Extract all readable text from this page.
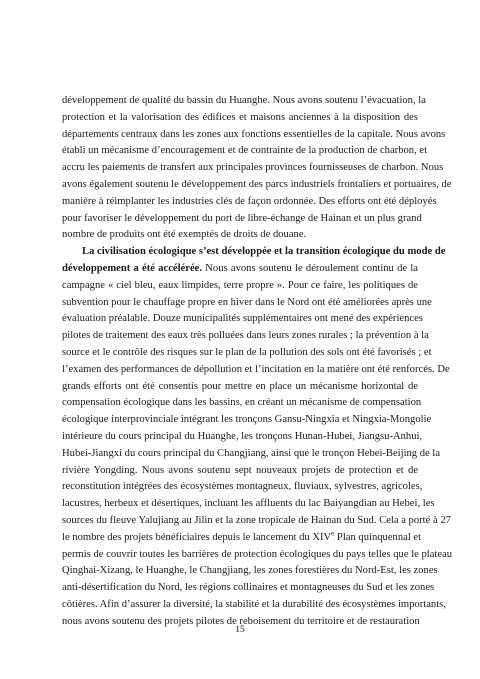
développement de qualité du bassin du Huanghe. Nous avons soutenu l’évacuation, la
protection et la valorisation des édifices et maisons anciennes à la disposition des
départements centraux dans les zones aux fonctions essentielles de la capitale. Nous avons
établi un mécanisme d’encouragement et de contrainte de la production de charbon, et
accru les paiements de transfert aux principales provinces fournisseuses de charbon. Nous
avons également soutenu le développement des parcs industriels frontaliers et portuaires, de
manière à réimplanter les industries clés de façon ordonnée. Des efforts ont été déployés
pour favoriser le développement du port de libre-échange de Hainan et un plus grand
nombre de produits ont été exemptés de droits de douane.
La civilisation écologique s’est développée et la transition écologique du mode de
développement a été accélérée. Nous avons soutenu le déroulement continu de la
campagne « ciel bleu, eaux limpides, terre propre ». Pour ce faire, les politiques de
subvention pour le chauffage propre en hiver dans le Nord ont été améliorées après une
évaluation préalable. Douze municipalités supplémentaires ont mené des expériences
pilotes de traitement des eaux très polluées dans leurs zones rurales ; la prévention à la
source et le contrôle des risques sur le plan de la pollution des sols ont été favorisés ; et
l’examen des performances de dépollution et l’incitation en la matière ont été renforcés. De
grands efforts ont été consentis pour mettre en place un mécanisme horizontal de
compensation écologique dans les bassins, en créant un mécanisme de compensation
écologique interprovinciale intégrant les tronçons Gansu-Ningxia et Ningxia-Mongolie
intérieure du cours principal du Huanghe, les tronçons Hunan-Hubei, Jiangsu-Anhui,
Hubei-Jiangxi du cours principal du Changjiang, ainsi que le tronçon Hebei-Beijing de la
rivière Yongding. Nous avons soutenu sept nouveaux projets de protection et de
reconstitution intégrées des écosystèmes montagneux, fluviaux, sylvestres, agricoles,
lacustres, herbeux et désertiques, incluant les affluents du lac Baiyangdian au Hebei, les
sources du fleuve Yalujiang au Jilin et la zone tropicale de Hainan du Sud. Cela a porté à 27
le nombre des projets bénéficiaires depuis le lancement du XIVe Plan quinquennal et
permis de couvrir toutes les barrières de protection écologiques du pays telles que le plateau
Qinghai-Xizang, le Huanghe, le Changjiang, les zones forestières du Nord-Est, les zones
anti-désertification du Nord, les régions collinaires et montagneuses du Sud et les zones
côtières. Afin d’assurer la diversité, la stabilité et la durabilité des écosystèmes importants,
nous avons soutenu des projets pilotes de reboisement du territoire et de restauration
15
